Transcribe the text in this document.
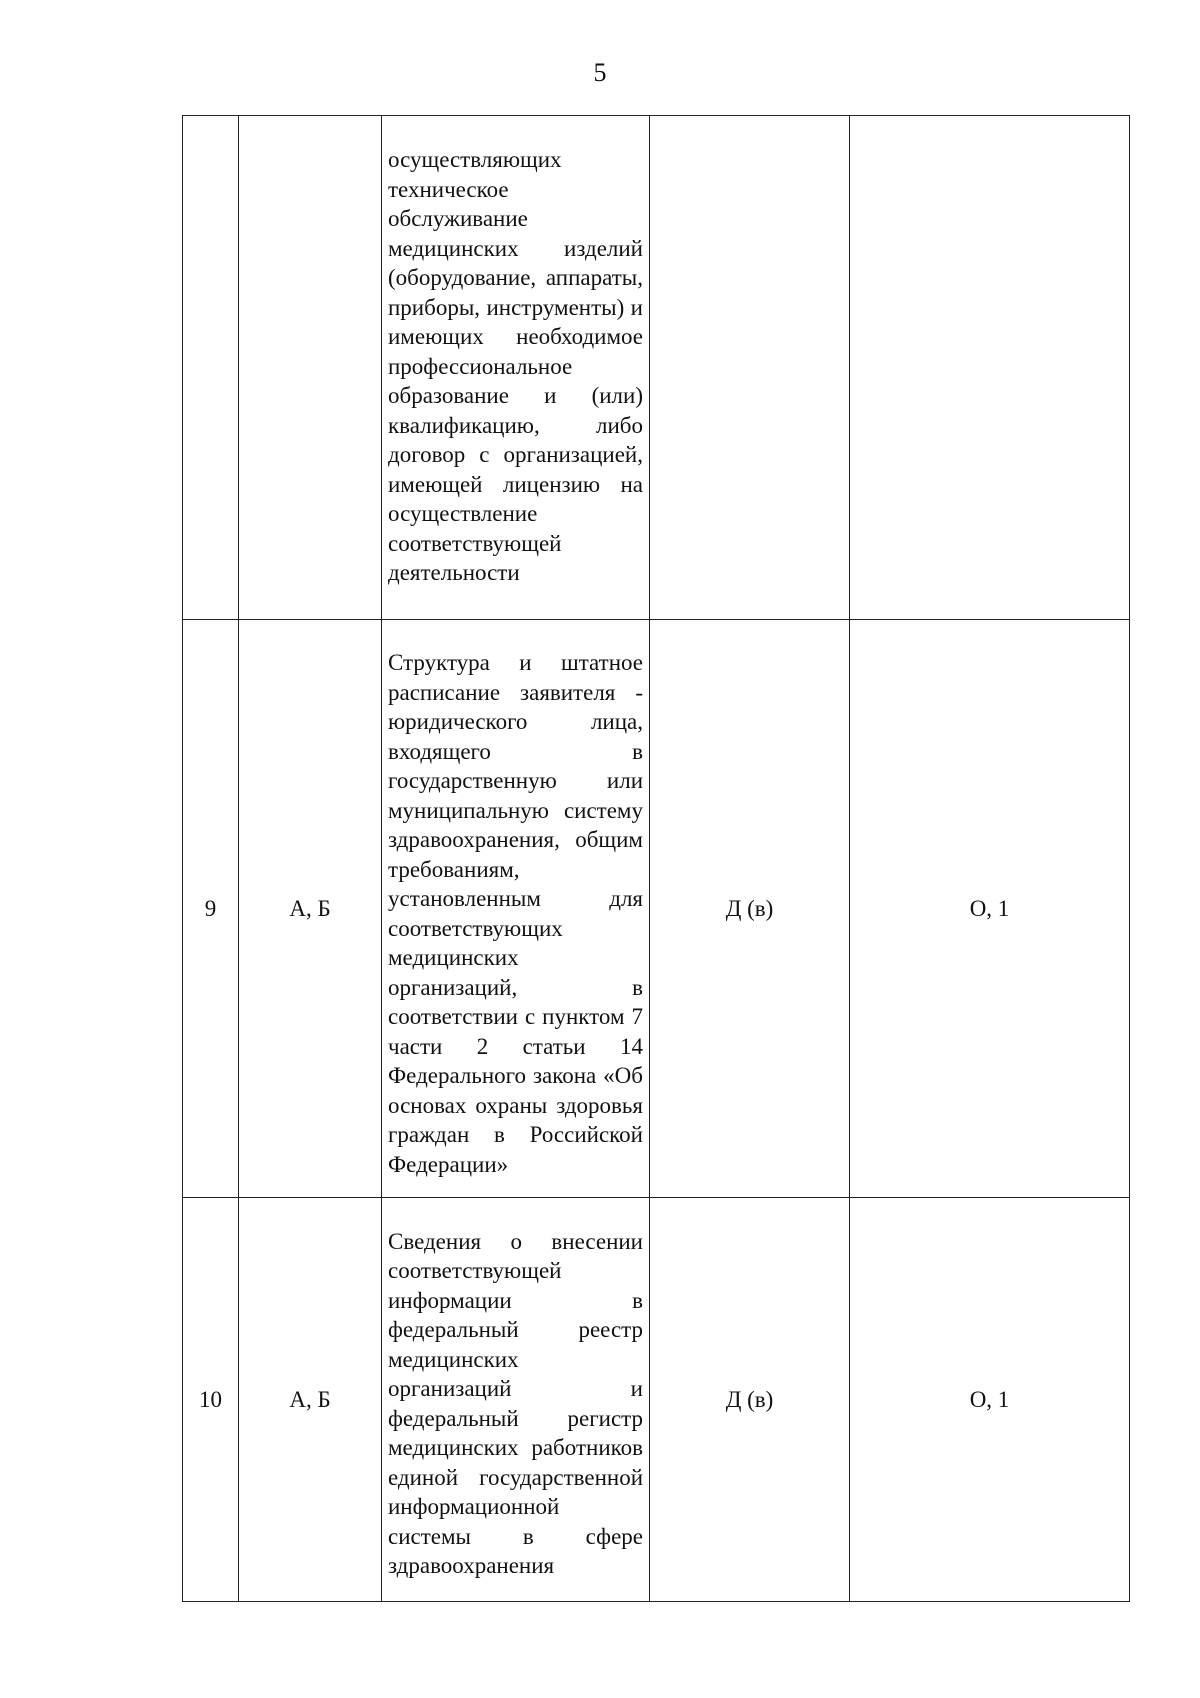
5

		осуществляющих техническое обслуживание медицинских изделий (оборудование, аппараты, приборы, инструменты) и имеющих необходимое профессиональное образование и (или) квалификацию, либо договор с организацией, имеющей лицензию на осуществление соответствующей деятельности		

9	А, Б	Структура и штатное расписание заявителя - юридического лица, входящего в государственную или муниципальную систему здравоохранения, общим требованиям, установленным для соответствующих медицинских организаций, в соответствии с пунктом 7 части 2 статьи 14 Федерального закона «Об основах охраны здоровья граждан в Российской Федерации»	Д (в)	О, 1
10	А, Б	Сведения о внесении соответствующей информации в федеральный реестр медицинских организаций и федеральный регистр медицинских работников единой государственной информационной системы в сфере здравоохранения	Д (в)	О, 1
